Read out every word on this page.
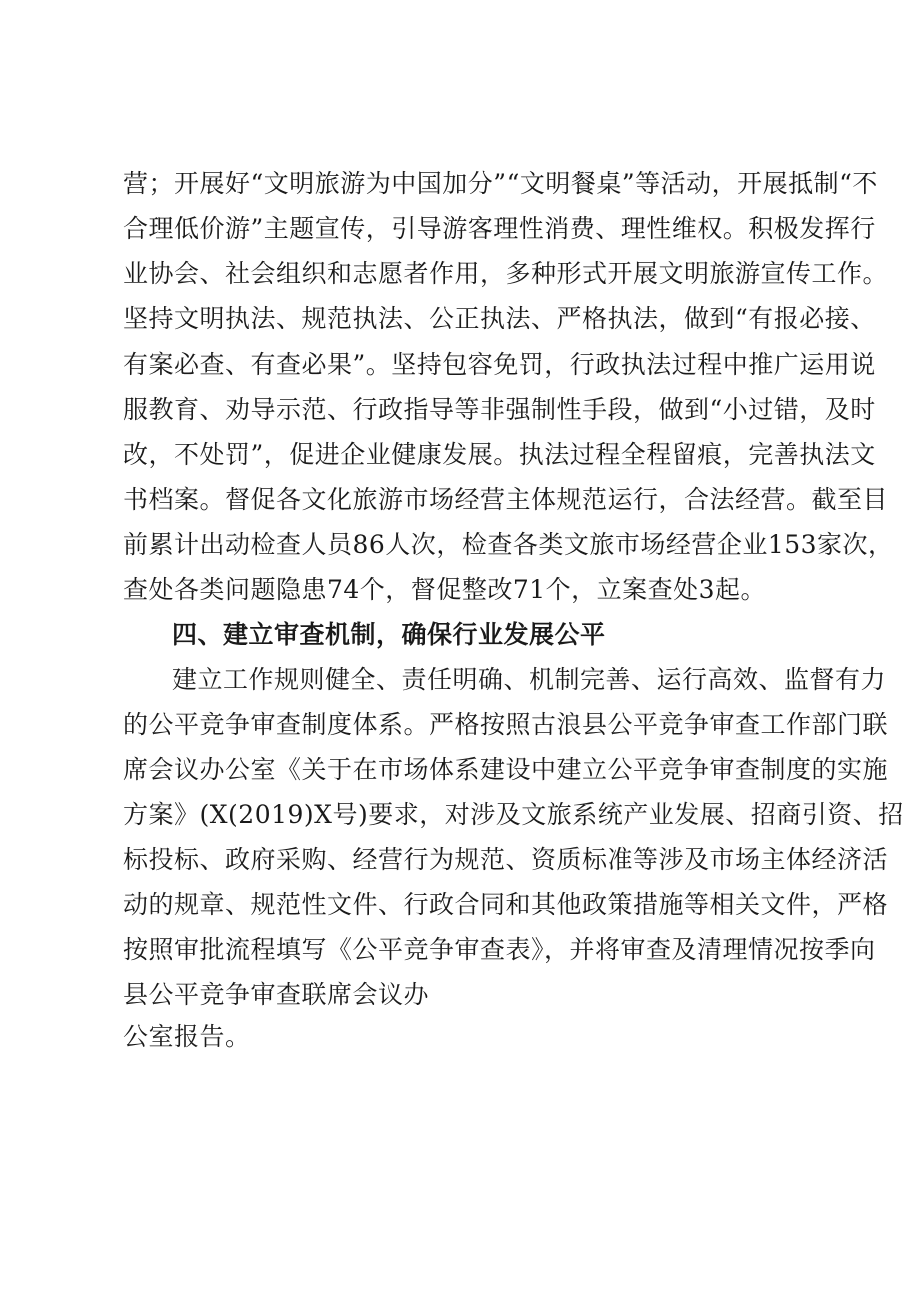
营；开展好“文明旅游为中国加分”“文明餐桌”等活动，开展抵制“不
合理低价游”主题宣传，引导游客理性消费、理性维权。积极发挥行
业协会、社会组织和志愿者作用，多种形式开展文明旅游宣传工作。
坚持文明执法、规范执法、公正执法、严格执法，做到“有报必接、
有案必查、有查必果”。坚持包容免罚，行政执法过程中推广运用说
服教育、劝导示范、行政指导等非强制性手段，做到“小过错，及时
改，不处罚”，促进企业健康发展。执法过程全程留痕，完善执法文
书档案。督促各文化旅游市场经营主体规范运行，合法经营。截至目
前累计出动检查人员86人次，检查各类文旅市场经营企业153家次，
查处各类问题隐患74个，督促整改71个，立案查处3起。
四、建立审查机制，确保行业发展公平
建立工作规则健全、责任明确、机制完善、运行高效、监督有力
的公平竞争审查制度体系。严格按照古浪县公平竞争审查工作部门联
席会议办公室《关于在市场体系建设中建立公平竞争审查制度的实施
方案》(X(2019)X号)要求，对涉及文旅系统产业发展、招商引资、招
标投标、政府采购、经营行为规范、资质标准等涉及市场主体经济活
动的规章、规范性文件、行政合同和其他政策措施等相关文件，严格
按照审批流程填写《公平竞争审查表》，并将审查及清理情况按季向
县公平竞争审查联席会议办
公室报告。
